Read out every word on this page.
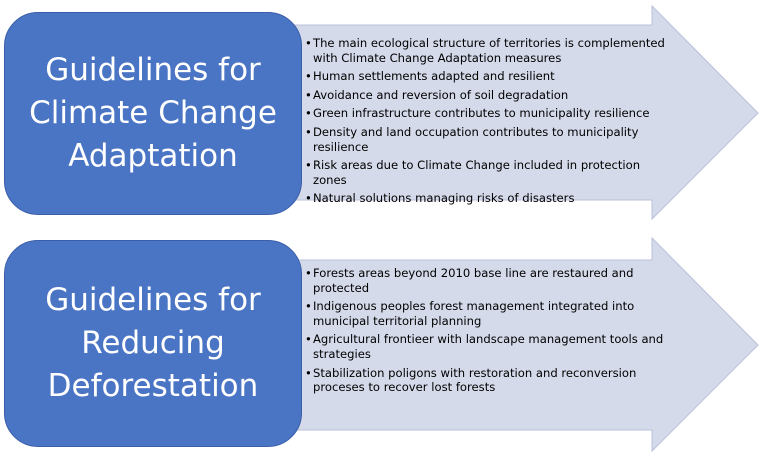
Guidelines for
Climate Change
Adaptation
• The main ecological structure of territories is complemented with Climate Change Adaptation measures
• Human settlements adapted and resilient
• Avoidance and reversion of soil degradation
• Green infrastructure contributes to municipality resilience
• Density and land occupation contributes to municipality resilience
• Risk areas due to Climate Change included in protection zones
• Natural solutions managing risks of disasters
Guidelines for
Reducing
Deforestation
• Forests areas beyond 2010 base line are restaured and protected
• Indigenous peoples forest management integrated into municipal territorial planning
• Agricultural frontieer with landscape management tools and strategies
• Stabilization poligons with restoration and reconversion proceses to recover lost forests
